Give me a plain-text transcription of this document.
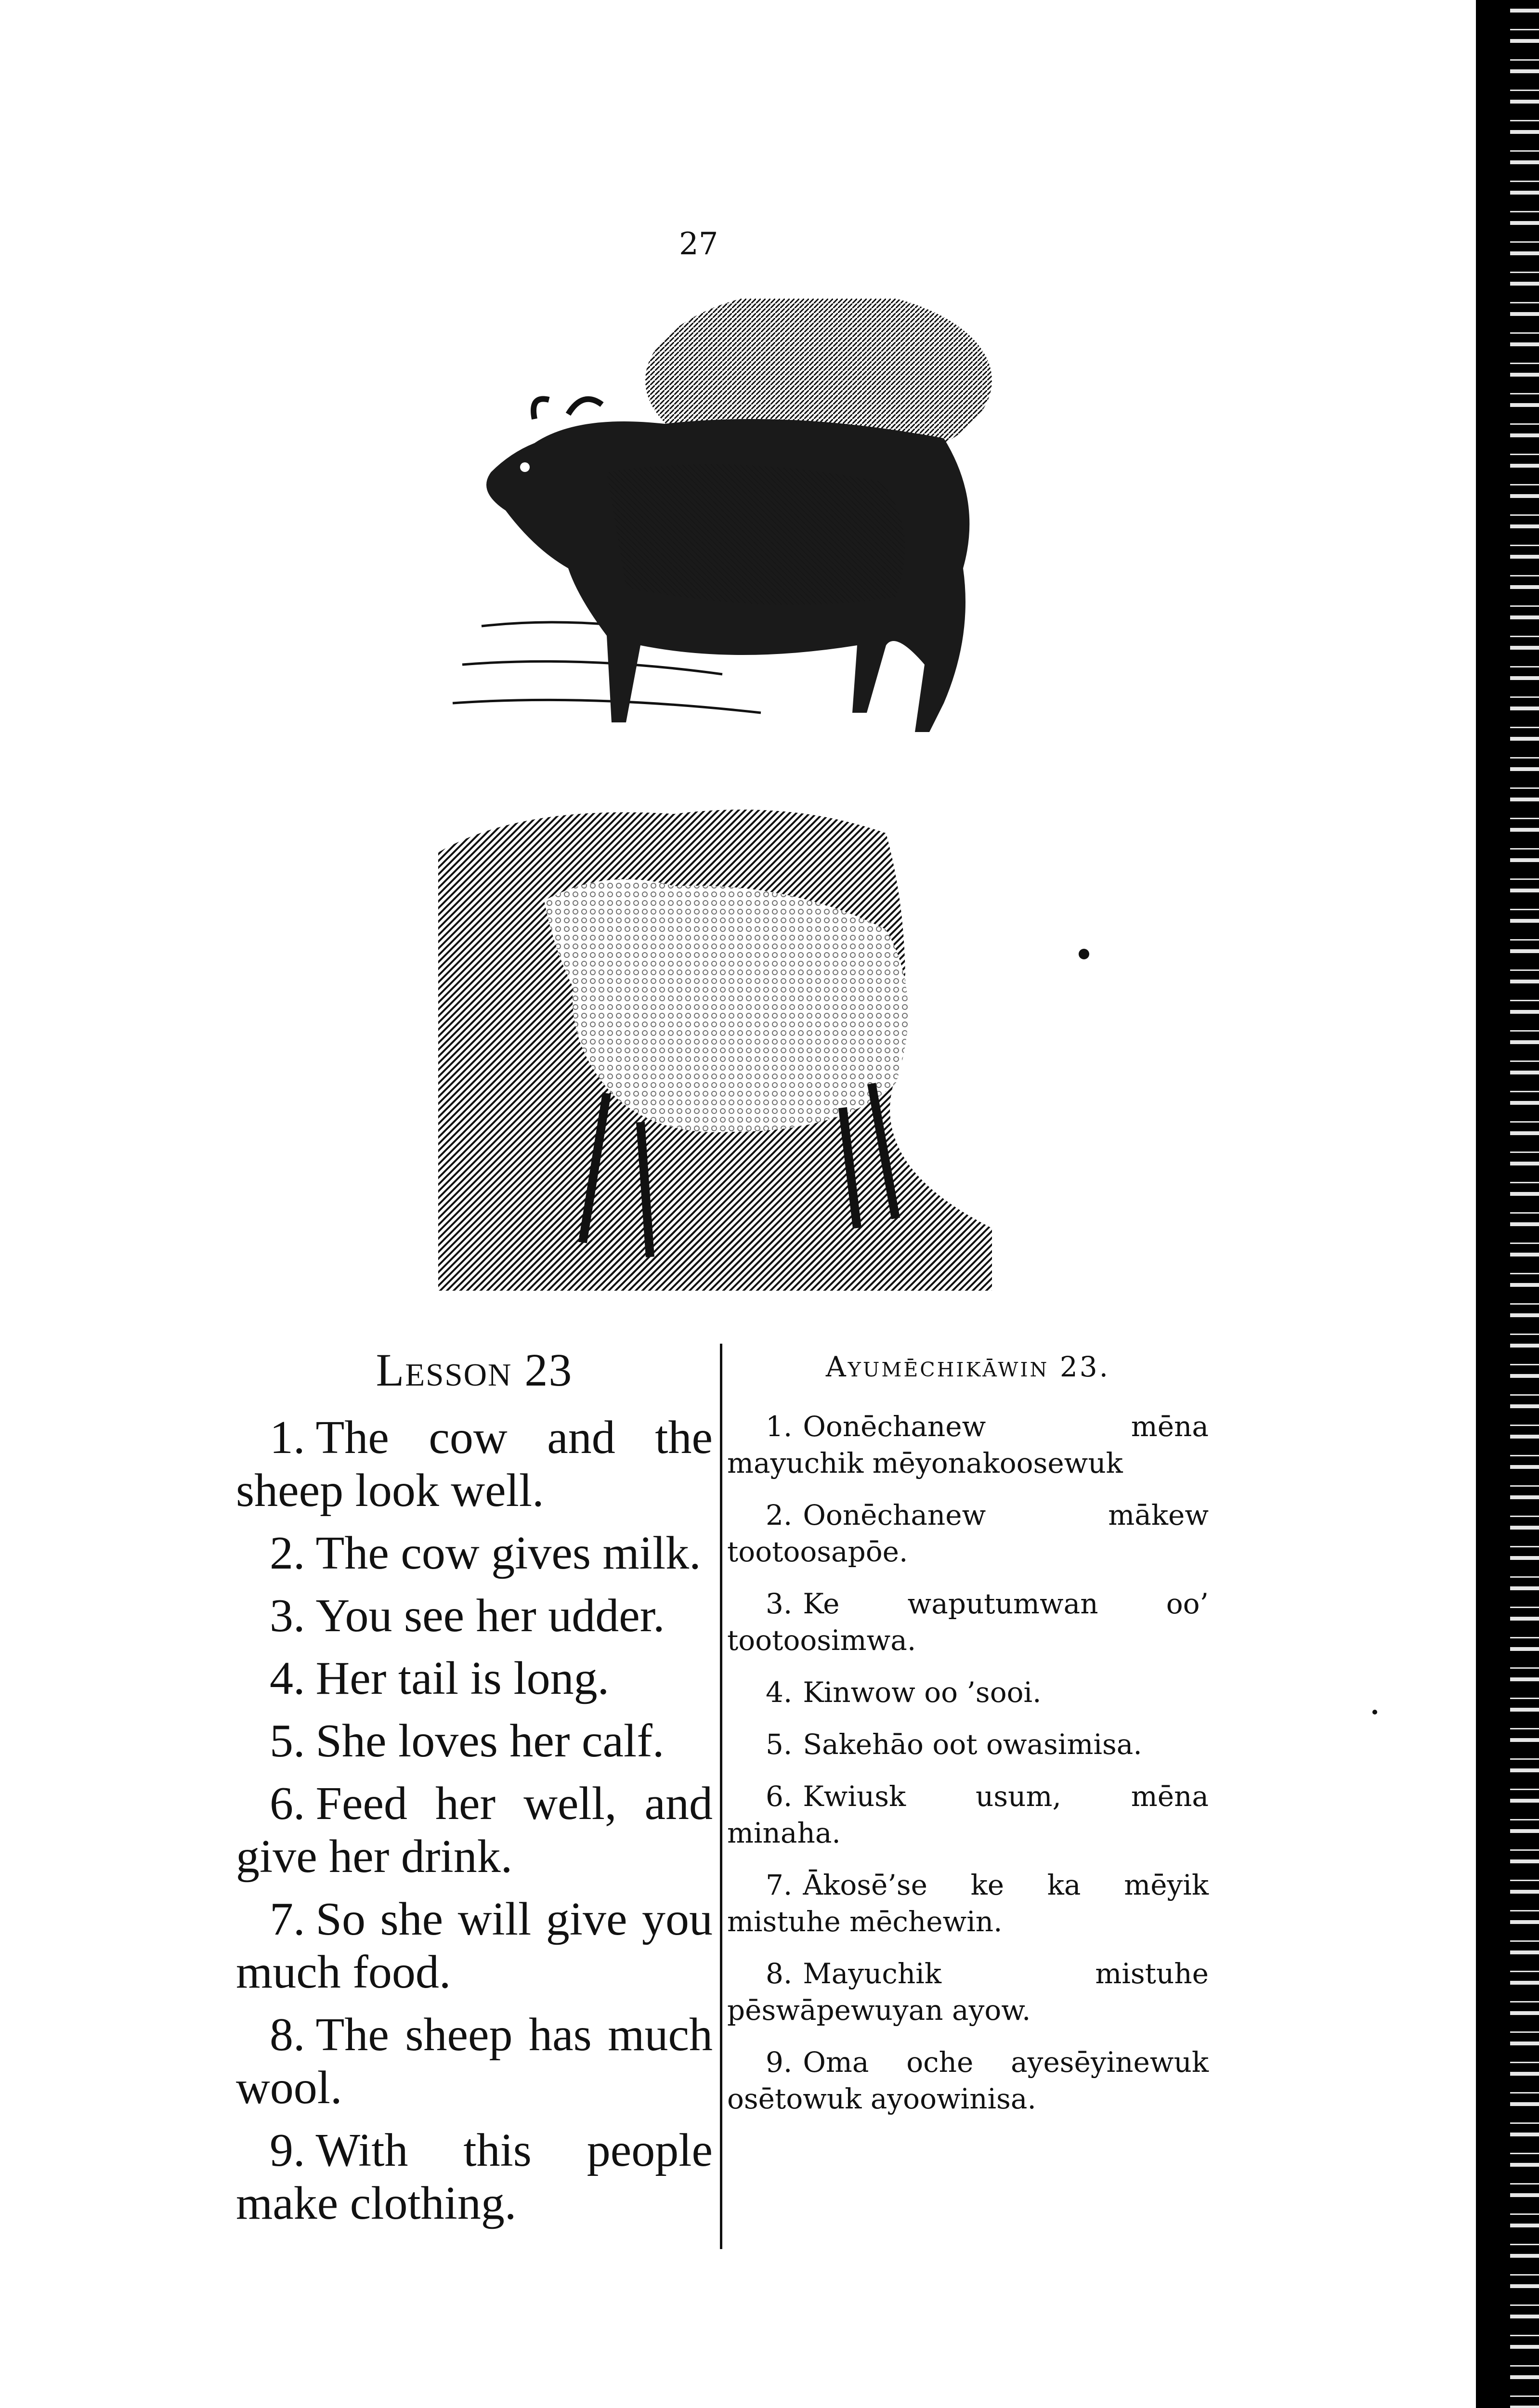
27
Lesson 23
1. The cow and the sheep look well.
2. The cow gives milk.
3. You see her udder.
4. Her tail is long.
5. She loves her calf.
6. Feed her well, and give her drink.
7. So she will give you much food.
8. The sheep has much wool.
9. With this people make clothing.
Ayumēchikāwin 23.
1. Oonēchanew mēna mayuchik mēyonakoosewuk
2. Oonēchanew mākew tootoosapōe.
3. Ke waputumwan oo’ tootoosimwa.
4. Kinwow oo ’sooi.
5. Sakehāo oot owasimisa.
6. Kwiusk usum, mēna minaha.
7. Ākosē’se ke ka mēyik mistuhe mēchewin.
8. Mayuchik mistuhe pēswāpewuyan ayow.
9. Oma oche ayesēyinewuk osētowuk ayoowinisa.
